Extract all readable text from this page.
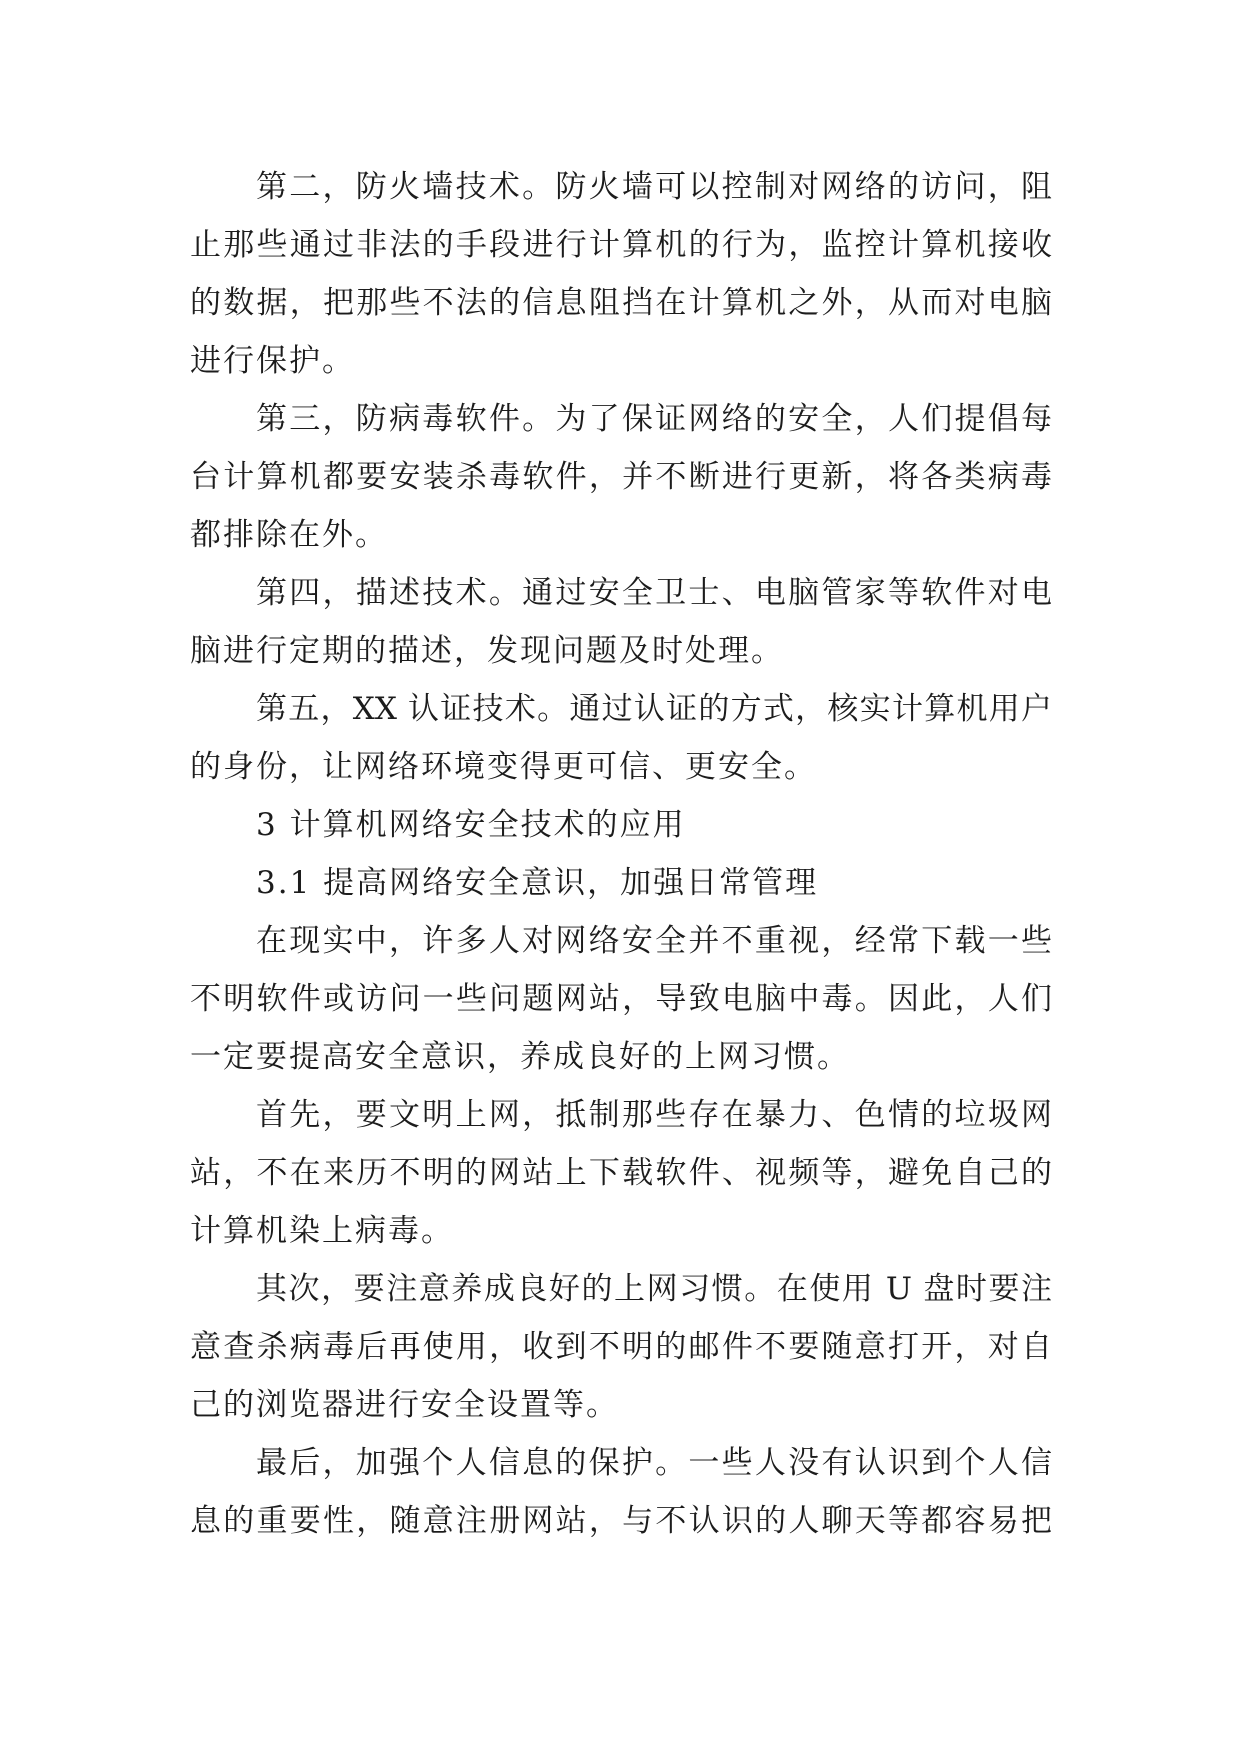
第二，防火墙技术。防火墙可以控制对网络的访问，阻
止那些通过非法的手段进行计算机的行为，监控计算机接收
的数据，把那些不法的信息阻挡在计算机之外，从而对电脑
进行保护。
第三，防病毒软件。为了保证网络的安全，人们提倡每
台计算机都要安装杀毒软件，并不断进行更新，将各类病毒
都排除在外。
第四，描述技术。通过安全卫士、电脑管家等软件对电
脑进行定期的描述，发现问题及时处理。
第五，XX 认证技术。通过认证的方式，核实计算机用户
的身份，让网络环境变得更可信、更安全。
3 计算机网络安全技术的应用
3.1 提高网络安全意识，加强日常管理
在现实中，许多人对网络安全并不重视，经常下载一些
不明软件或访问一些问题网站，导致电脑中毒。因此，人们
一定要提高安全意识，养成良好的上网习惯。
首先，要文明上网，抵制那些存在暴力、色情的垃圾网
站，不在来历不明的网站上下载软件、视频等，避免自己的
计算机染上病毒。
其次，要注意养成良好的上网习惯。在使用 U 盘时要注
意查杀病毒后再使用，收到不明的邮件不要随意打开，对自
己的浏览器进行安全设置等。
最后，加强个人信息的保护。一些人没有认识到个人信
息的重要性，随意注册网站，与不认识的人聊天等都容易把
